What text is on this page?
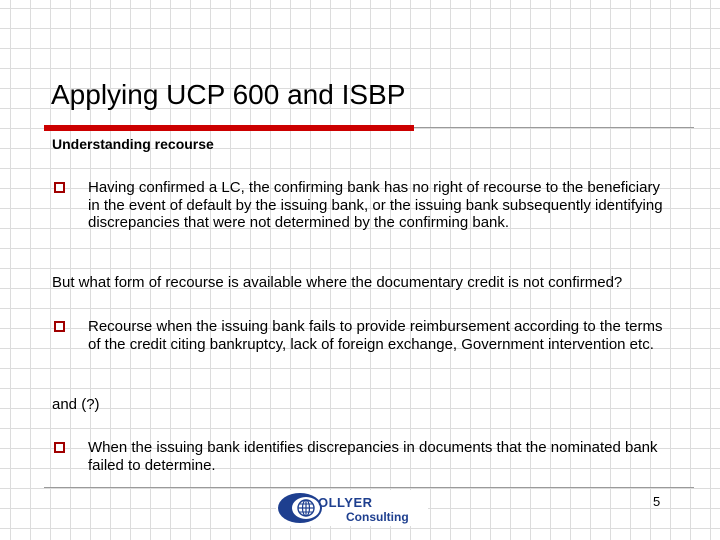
Applying UCP 600 and ISBP
Understanding recourse
Having confirmed a LC, the confirming bank has no right of recourse to the beneficiary in the event of default by the issuing bank, or the issuing bank subsequently identifying discrepancies that were not determined by the confirming bank.
But what form of recourse is available where the documentary credit is not confirmed?
Recourse when the issuing bank fails to provide reimbursement according to the terms of the credit citing bankruptcy, lack of foreign exchange, Government intervention etc.
and (?)
When the issuing bank identifies discrepancies in documents that the nominated bank failed to determine.
OLLYER
Consulting
5
